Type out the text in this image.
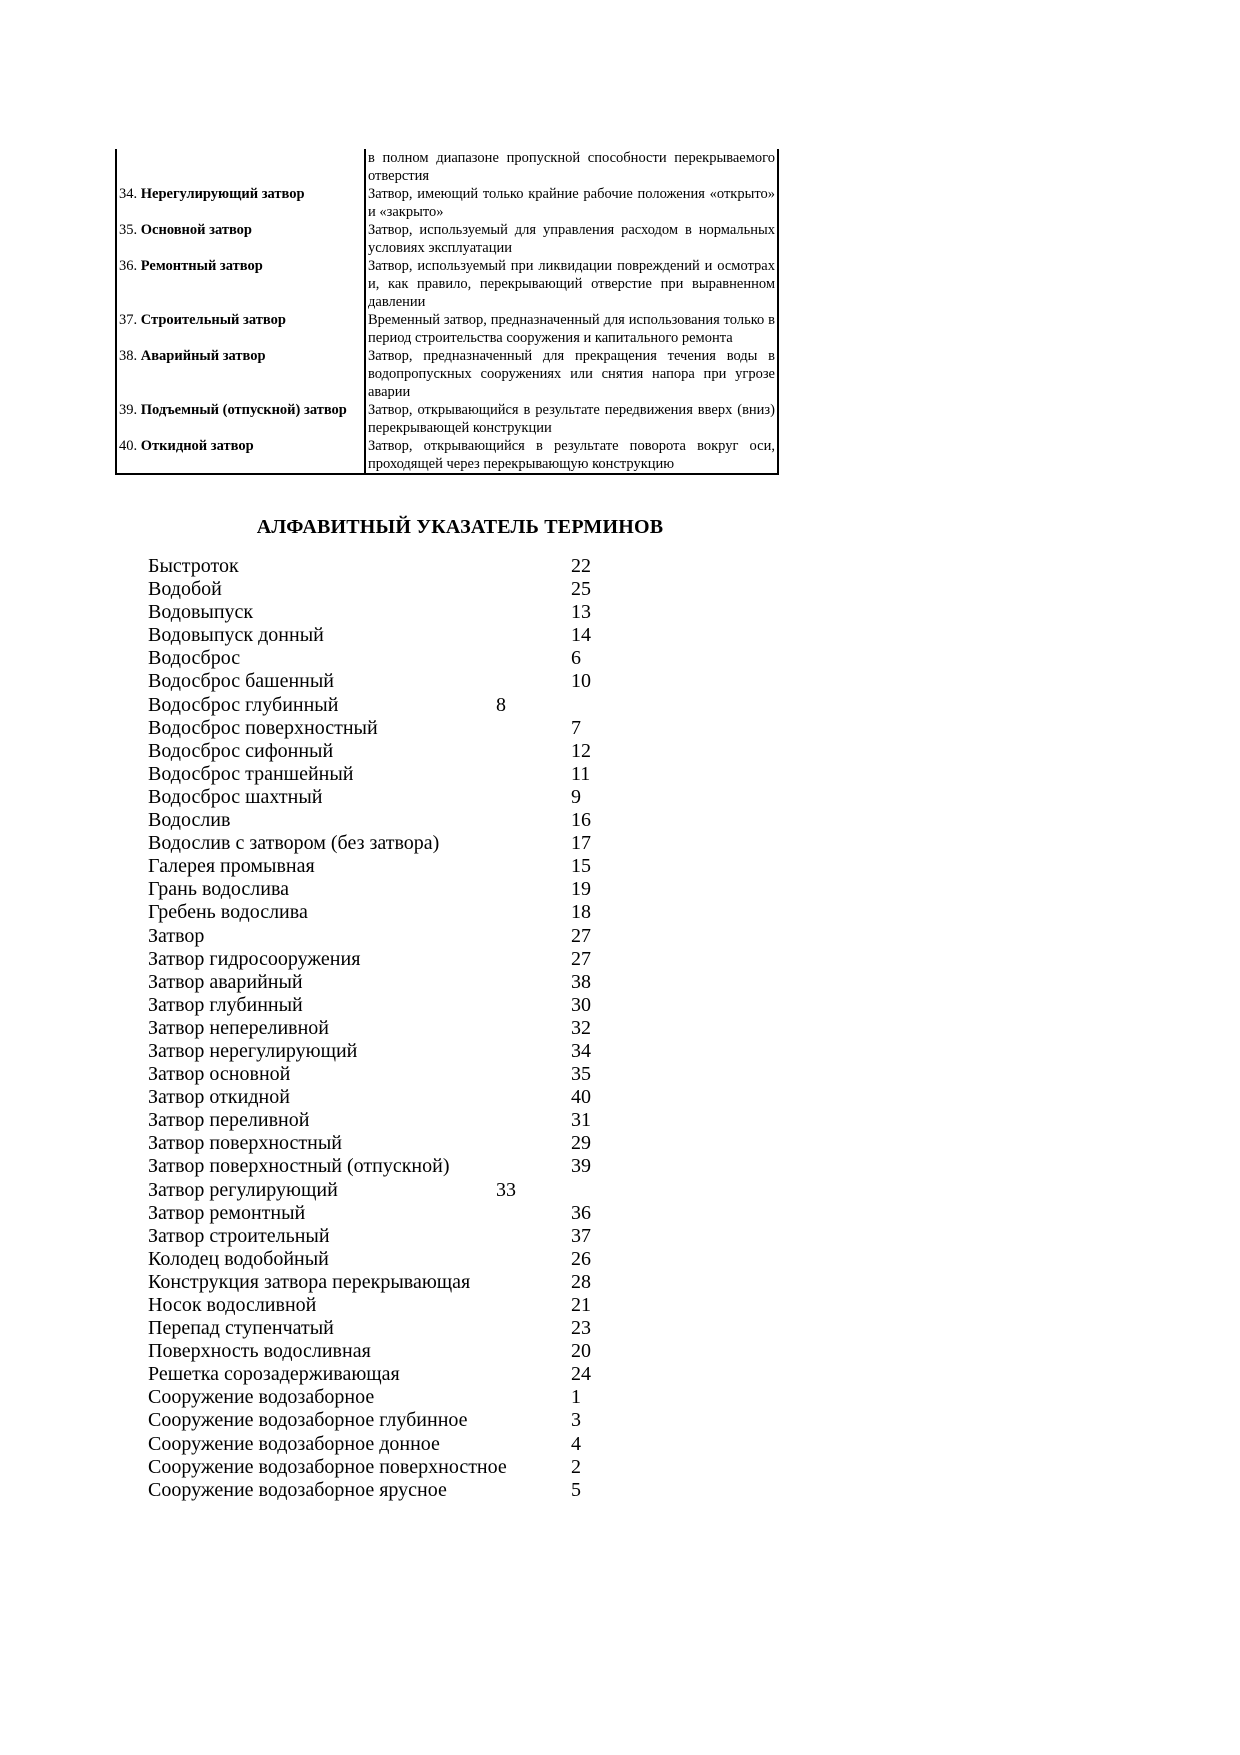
	в полном диапазоне пропускной способности перекрываемого отверстия
34. Нерегулирующий затвор	Затвор, имеющий только крайние рабочие положения «открыто» и «закрыто»
35. Основной затвор	Затвор, используемый для управления расходом в нормальных условиях эксплуатации
36. Ремонтный затвор	Затвор, используемый при ликвидации повреждений и осмотрах и, как правило, перекрывающий отверстие при выравненном давлении
37. Строительный затвор	Временный затвор, предназначенный для использования только в период строительства сооружения и капитального ремонта
38. Аварийный затвор	Затвор, предназначенный для прекращения течения воды в водопропускных сооружениях или снятия напора при угрозе аварии
39. Подъемный (отпускной) затвор	Затвор, открывающийся в результате передвижения вверх (вниз) перекрывающей конструкции
40. Откидной затвор	Затвор, открывающийся в результате поворота вокруг оси, проходящей через перекрывающую конструкцию
АЛФАВИТНЫЙ УКАЗАТЕЛЬ ТЕРМИНОВ
Быстроток	22
Водобой	25
Водовыпуск	13
Водовыпуск донный	14
Водосброс	6
Водосброс башенный	10
Водосброс глубинный	8
Водосброс поверхностный	7
Водосброс сифонный	12
Водосброс траншейный	11
Водосброс шахтный	9
Водослив	16
Водослив с затвором (без затвора)	17
Галерея промывная	15
Грань водослива	19
Гребень водослива	18
Затвор	27
Затвор гидросооружения	27
Затвор аварийный	38
Затвор глубинный	30
Затвор непереливной	32
Затвор нерегулирующий	34
Затвор основной	35
Затвор откидной	40
Затвор переливной	31
Затвор поверхностный	29
Затвор поверхностный (отпускной)	39
Затвор регулирующий	33
Затвор ремонтный	36
Затвор строительный	37
Колодец водобойный	26
Конструкция затвора перекрывающая	28
Носок водосливной	21
Перепад ступенчатый	23
Поверхность водосливная	20
Решетка сорозадерживающая	24
Сооружение водозаборное	1
Сооружение водозаборное глубинное	3
Сооружение водозаборное донное	4
Сооружение водозаборное поверхностное	2
Сооружение водозаборное ярусное	5
